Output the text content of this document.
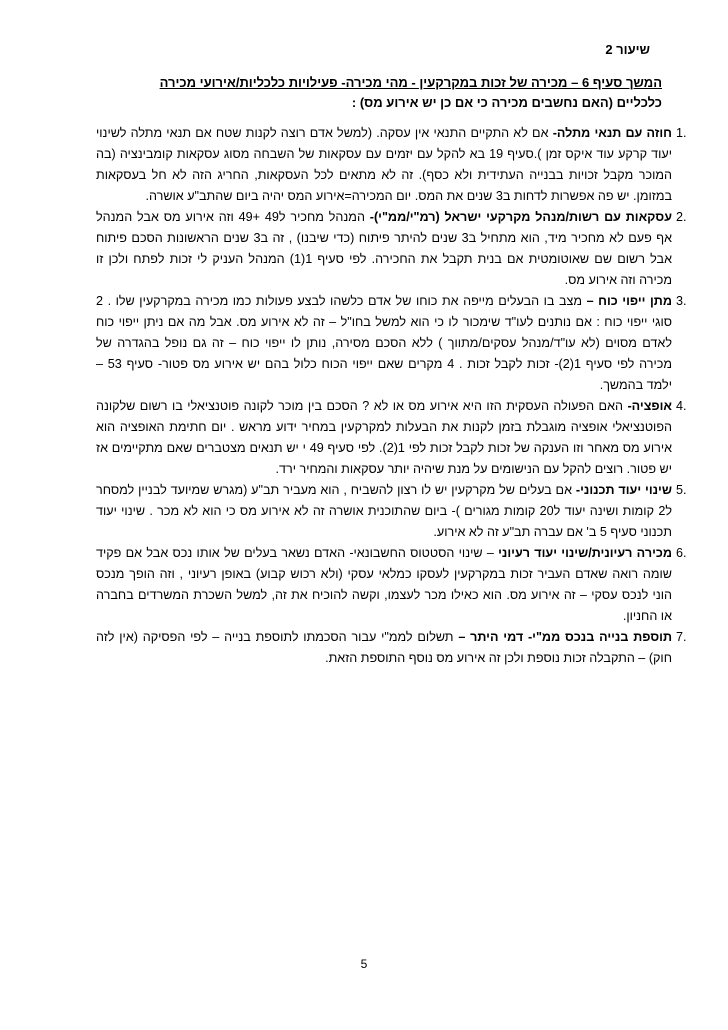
שיעור 2
המשך סעיף 6 – מכירה של זכות במקרקעין - מהי מכירה- פעילויות כלכליות/אירועי מכירה
כלכליים (האם נחשבים מכירה כי אם כן יש אירוע מס) :
1.
חוזה עם תנאי מתלה- אם לא התקיים התנאי אין עסקה. (למשל אדם רוצה לקנות שטח אם תנאי מתלה לשינוי יעוד קרקע עוד איקס זמן ).סעיף 19 בא להקל עם יזמים עם עסקאות של השבחה מסוג עסקאות קומבינציה (בה המוכר מקבל זכויות בבנייה העתידית ולא כסף). זה לא מתאים לכל העסקאות, החריג הזה לא חל בעסקאות במזומן. יש פה אפשרות לדחות ב3 שנים את המס. יום המכירה=אירוע המס יהיה ביום שהתב"ע אושרה.
2.
עסקאות עם רשות/מנהל מקרקעי ישראל (רמ"י/ממ"י)- המנהל מחכיר ל49 +49 וזה אירוע מס אבל המנהל אף פעם לא מחכיר מיד, הוא מתחיל ב3 שנים להיתר פיתוח (כדי שיבנו) , זה ב3 שנים הראשונות הסכם פיתוח אבל רשום שם שאוטומטית אם בנית תקבל את החכירה. לפי סעיף 1(1) המנהל העניק לי זכות לפתח ולכן זו מכירה וזה אירוע מס.
3.
מתן ייפוי כוח – מצב בו הבעלים מייפה את כוחו של אדם כלשהו לבצע פעולות כמו מכירה במקרקעין שלו . 2 סוגי ייפוי כוח : אם נותנים לעו"ד שימכור לו כי הוא למשל בחו"ל – זה לא אירוע מס. אבל מה אם ניתן ייפוי כוח לאדם מסוים (לא עו"ד/מנהל עסקים/מתווך ) ללא הסכם מסירה, נותן לו ייפוי כוח – זה גם נופל בהגדרה של מכירה לפי סעיף 1(2)- זכות לקבל זכות . 4 מקרים שאם ייפוי הכוח כלול בהם יש אירוע מס פטור- סעיף 53 – ילמד בהמשך.
4.
אופציה- האם הפעולה העסקית הזו היא אירוע מס או לא ? הסכם בין מוכר לקונה פוטנציאלי בו רשום שלקונה הפוטנציאלי אופציה מוגבלת בזמן לקנות את הבעלות למקרקעין במחיר ידוע מראש . יום חתימת האופציה הוא אירוע מס מאחר וזו הענקה של זכות לקבל זכות לפי 1(2). לפי סעיף 49 י יש תנאים מצטברים שאם מתקיימים אז יש פטור. רוצים להקל עם הנישומים על מנת שיהיה יותר עסקאות והמחיר ירד.
5.
שינוי יעוד תכנוני- אם בעלים של מקרקעין יש לו רצון להשביח , הוא מעביר תב"ע (מגרש שמיועד לבניין למסחר ל2 קומות ושינה יעוד ל20 קומות מגורים )- ביום שהתוכנית אושרה זה לא אירוע מס כי הוא לא מכר . שינוי יעוד תכנוני סעיף 5 ב' אם עברה תב"ע זה לא אירוע.
6.
מכירה רעיונית/שינוי יעוד רעיוני – שינוי הסטטוס החשבונאי- האדם נשאר בעלים של אותו נכס אבל אם פקיד שומה רואה שאדם העביר זכות במקרקעין לעסקו כמלאי עסקי (ולא רכוש קבוע) באופן רעיוני , וזה הופך מנכס הוני לנכס עסקי – זה אירוע מס. הוא כאילו מכר לעצמו, וקשה להוכיח את זה, למשל השכרת המשרדים בחברה או החניון.
7.
תוספת בנייה בנכס ממ"י- דמי היתר – תשלום לממ"י עבור הסכמתו לתוספת בנייה – לפי הפסיקה (אין לזה חוק) – התקבלה זכות נוספת ולכן זה אירוע מס נוסף התוספת הזאת.
5
